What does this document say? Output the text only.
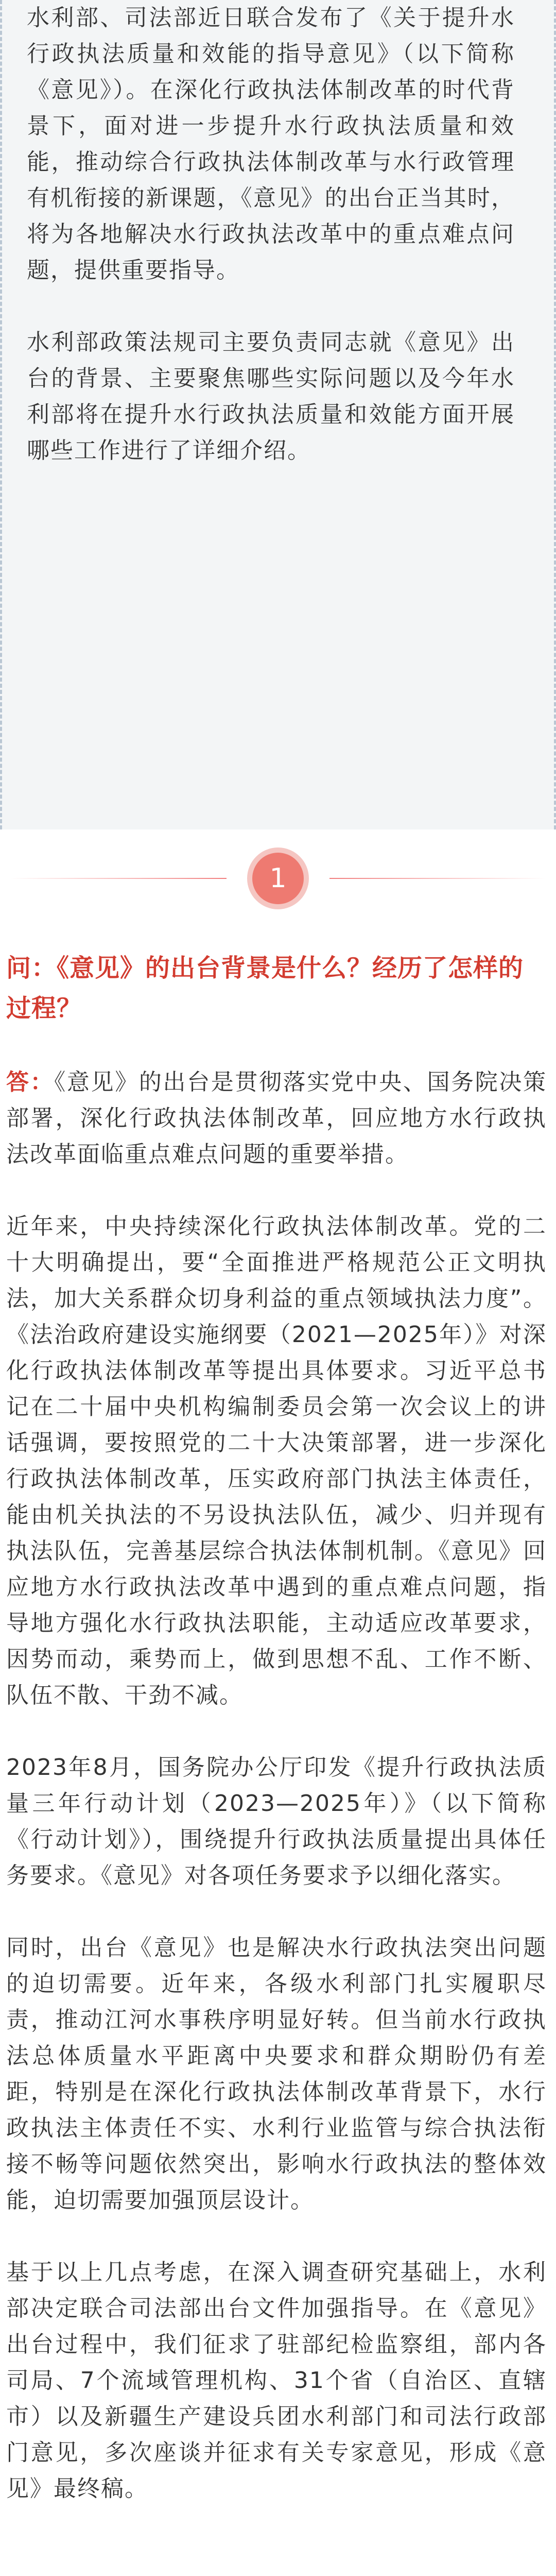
水利部、司法部近日联合发布了《关于提升水行政执法质量和效能的指导意见》（以下简称《意见》）。在深化行政执法体制改革的时代背景下，面对进一步提升水行政执法质量和效能，推动综合行政执法体制改革与水行政管理有机衔接的新课题，《意见》的出台正当其时，将为各地解决水行政执法改革中的重点难点问题，提供重要指导。

水利部政策法规司主要负责同志就《意见》出台的背景、主要聚焦哪些实际问题以及今年水利部将在提升水行政执法质量和效能方面开展哪些工作进行了详细介绍。

1

问：《意见》的出台背景是什么？经历了怎样的过程？

答：《意见》的出台是贯彻落实党中央、国务院决策部署，深化行政执法体制改革，回应地方水行政执法改革面临重点难点问题的重要举措。

近年来，中央持续深化行政执法体制改革。党的二十大明确提出，要“全面推进严格规范公正文明执法，加大关系群众切身利益的重点领域执法力度”。《法治政府建设实施纲要（2021—2025年）》对深化行政执法体制改革等提出具体要求。习近平总书记在二十届中央机构编制委员会第一次会议上的讲话强调，要按照党的二十大决策部署，进一步深化行政执法体制改革，压实政府部门执法主体责任，能由机关执法的不另设执法队伍，减少、归并现有执法队伍，完善基层综合执法体制机制。《意见》回应地方水行政执法改革中遇到的重点难点问题，指导地方强化水行政执法职能，主动适应改革要求，因势而动，乘势而上，做到思想不乱、工作不断、队伍不散、干劲不减。

2023年8月，国务院办公厅印发《提升行政执法质量三年行动计划（2023—2025年）》（以下简称《行动计划》），围绕提升行政执法质量提出具体任务要求。《意见》对各项任务要求予以细化落实。

同时，出台《意见》也是解决水行政执法突出问题的迫切需要。近年来，各级水利部门扎实履职尽责，推动江河水事秩序明显好转。但当前水行政执法总体质量水平距离中央要求和群众期盼仍有差距，特别是在深化行政执法体制改革背景下，水行政执法主体责任不实、水利行业监管与综合执法衔接不畅等问题依然突出，影响水行政执法的整体效能，迫切需要加强顶层设计。

基于以上几点考虑，在深入调查研究基础上，水利部决定联合司法部出台文件加强指导。在《意见》出台过程中，我们征求了驻部纪检监察组，部内各司局、7个流域管理机构、31个省（自治区、直辖市）以及新疆生产建设兵团水利部门和司法行政部门意见，多次座谈并征求有关专家意见，形成《意见》最终稿。
